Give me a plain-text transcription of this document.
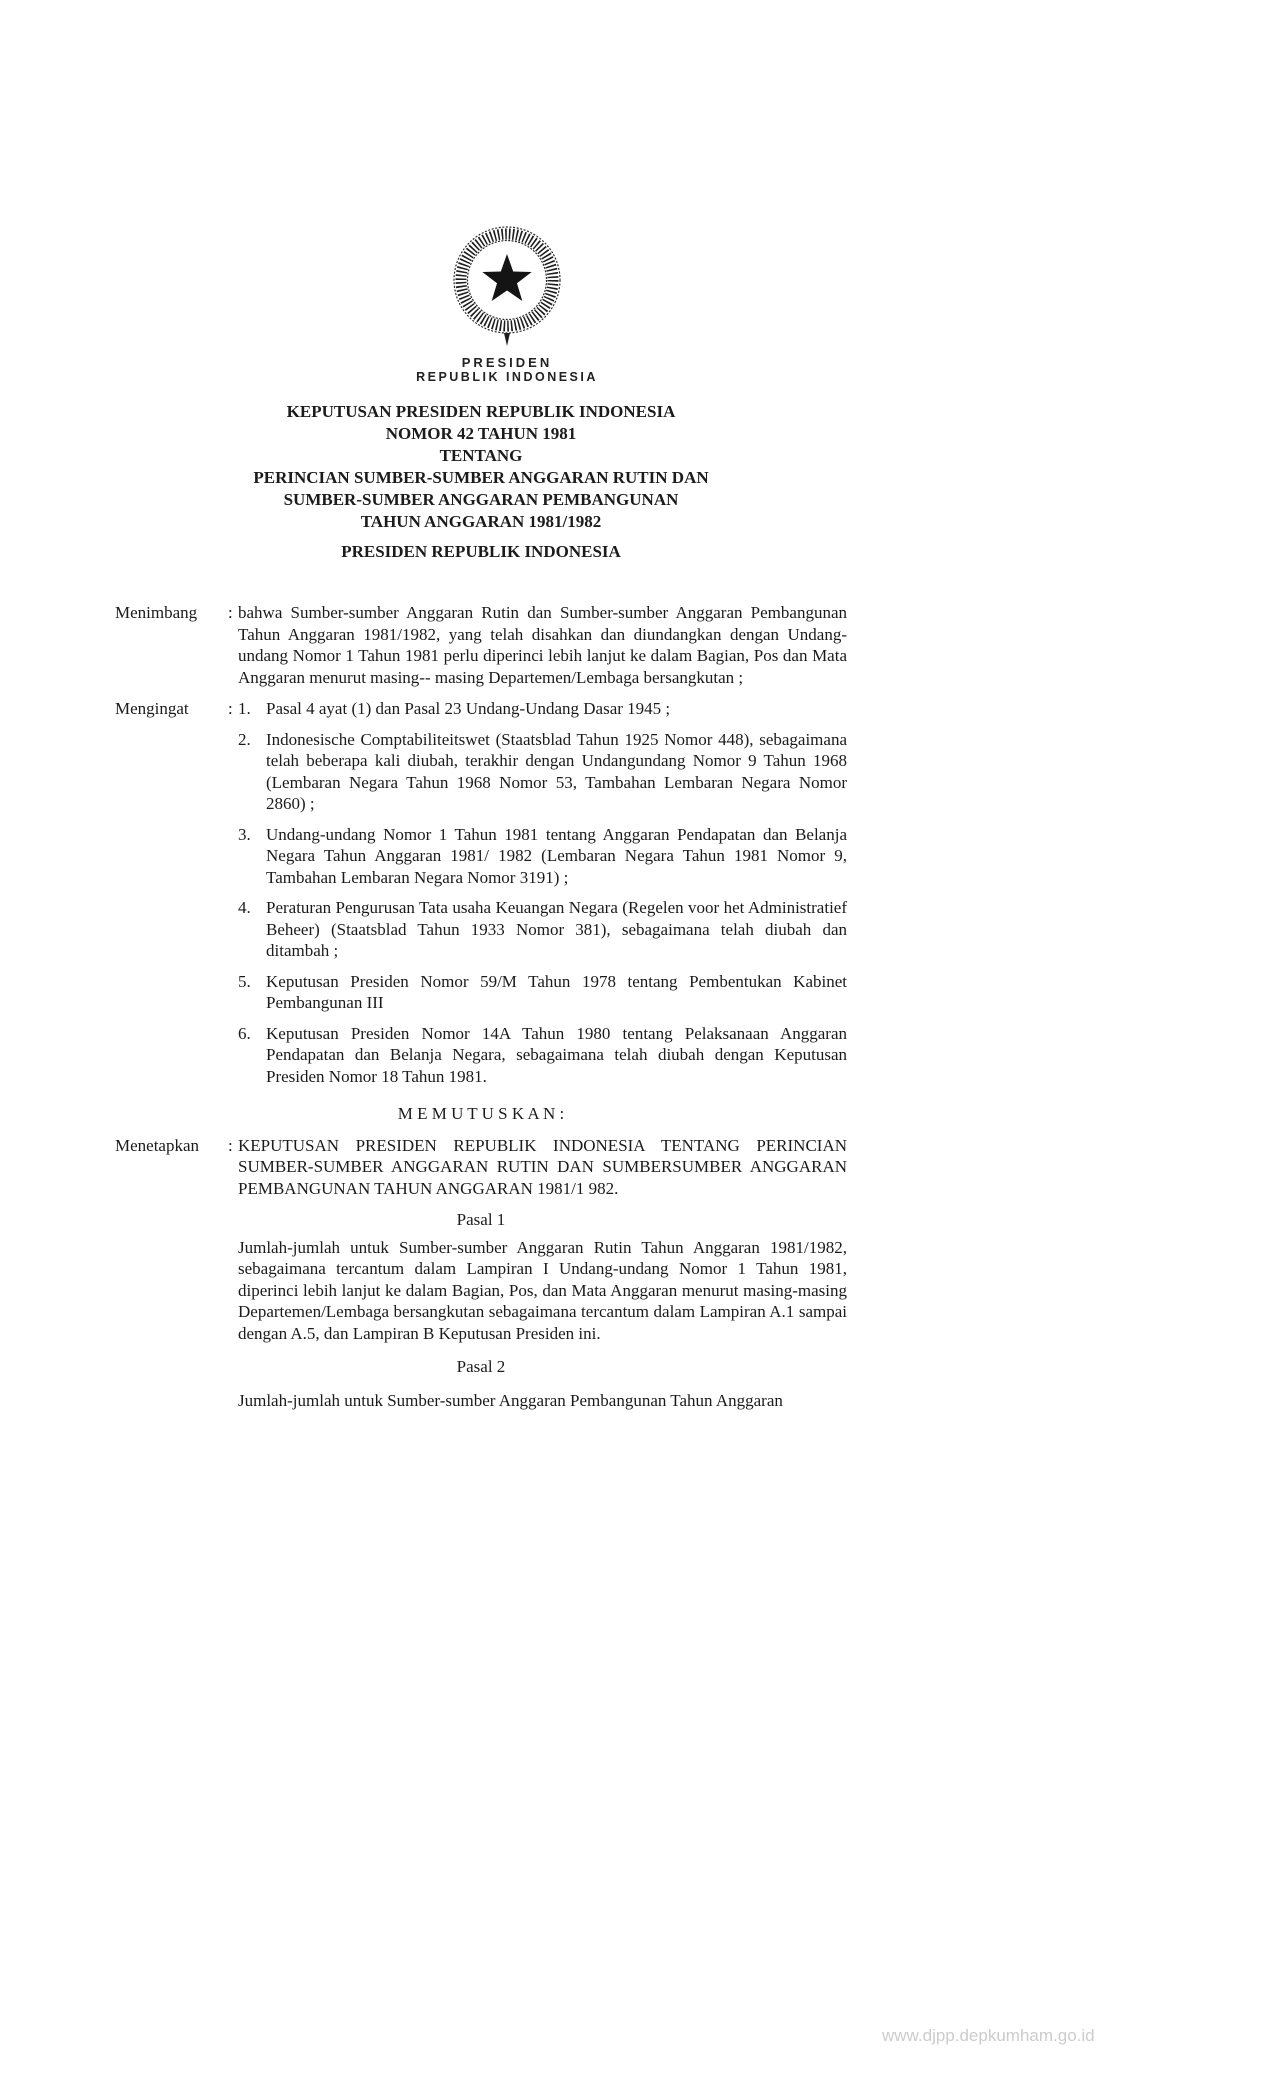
PRESIDEN
REPUBLIK INDONESIA
KEPUTUSAN PRESIDEN REPUBLIK INDONESIA
NOMOR 42 TAHUN 1981
TENTANG
PERINCIAN SUMBER-SUMBER ANGGARAN RUTIN DAN
SUMBER-SUMBER ANGGARAN PEMBANGUNAN
TAHUN ANGGARAN 1981/1982
PRESIDEN REPUBLIK INDONESIA
Menimbang	: bahwa Sumber-sumber Anggaran Rutin dan Sumber-sumber Anggaran Pembangunan Tahun Anggaran 1981/1982, yang telah disahkan dan diundangkan dengan Undang-undang Nomor 1 Tahun 1981 perlu diperinci lebih lanjut ke dalam Bagian, Pos dan Mata Anggaran menurut masing-- masing Departemen/Lembaga bersangkutan ;
Mengingat	: 1. Pasal 4 ayat (1) dan Pasal 23 Undang-Undang Dasar 1945 ;
2. Indonesische Comptabiliteitswet (Staatsblad Tahun 1925 Nomor 448), sebagaimana telah beberapa kali diubah, terakhir dengan Undangundang Nomor 9 Tahun 1968 (Lembaran Negara Tahun 1968 Nomor 53, Tambahan Lembaran Negara Nomor 2860) ;
3. Undang-undang Nomor 1 Tahun 1981 tentang Anggaran Pendapatan dan Belanja Negara Tahun Anggaran 1981/ 1982 (Lembaran Negara Tahun 1981 Nomor 9, Tambahan Lembaran Negara Nomor 3191) ;
4. Peraturan Pengurusan Tata usaha Keuangan Negara (Regelen voor het Administratief Beheer) (Staatsblad Tahun 1933 Nomor 381), sebagaimana telah diubah dan ditambah ;
5. Keputusan Presiden Nomor 59/M Tahun 1978 tentang Pembentukan Kabinet Pembangunan III
6. Keputusan Presiden Nomor 14A Tahun 1980 tentang Pelaksanaan Anggaran Pendapatan dan Belanja Negara, sebagaimana telah diubah dengan Keputusan Presiden Nomor 18 Tahun 1981.
M E M U T U S K A N :
Menetapkan	: KEPUTUSAN PRESIDEN REPUBLIK INDONESIA TENTANG PERINCIAN SUMBER-SUMBER ANGGARAN RUTIN DAN SUMBERSUMBER ANGGARAN PEMBANGUNAN TAHUN ANGGARAN 1981/1 982.
Pasal 1
Jumlah-jumlah untuk Sumber-sumber Anggaran Rutin Tahun Anggaran 1981/1982, sebagaimana tercantum dalam Lampiran I Undang-undang Nomor 1 Tahun 1981, diperinci lebih lanjut ke dalam Bagian, Pos, dan Mata Anggaran menurut masing-masing Departemen/Lembaga bersangkutan sebagaimana tercantum dalam Lampiran A.1 sampai dengan A.5, dan Lampiran B Keputusan Presiden ini.
Pasal 2
Jumlah-jumlah untuk Sumber-sumber Anggaran Pembangunan Tahun Anggaran
www.djpp.depkumham.go.id
